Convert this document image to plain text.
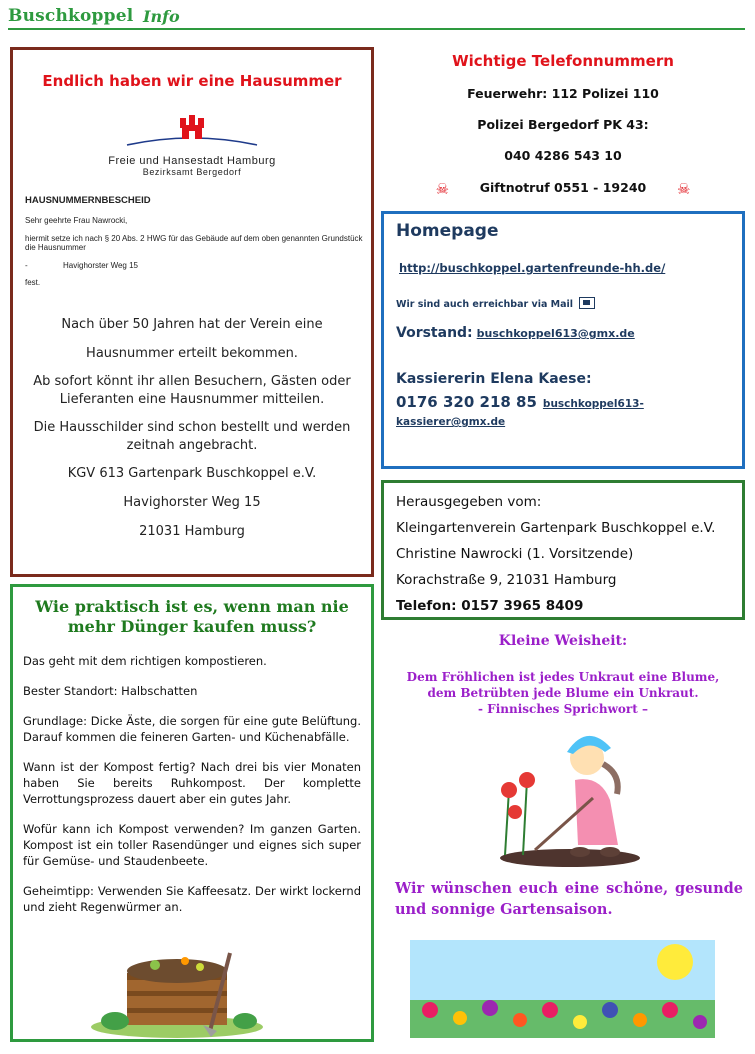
Buschkoppel Info
Endlich haben wir eine Hausummer
Freie und Hansestadt Hamburg
Bezirksamt Bergedorf
HAUSNUMMERNBESCHEID

Sehr geehrte Frau Nawrocki,

hiermit setze ich nach § 20 Abs. 2 HWG für das Gebäude auf dem oben genannten Grundstück die Hausnummer

-	Havighorster Weg 15

fest.

Nach über 50 Jahren hat der Verein eine

Hausnummer erteilt bekommen.

Ab sofort könnt ihr allen Besuchern, Gästen oder Lieferanten eine Hausnummer mitteilen.

Die Hausschilder sind schon bestellt und werden zeitnah angebracht.

KGV 613 Gartenpark Buschkoppel e.V.

Havighorster Weg 15

21031 Hamburg

Wichtige Telefonnummern
Feuerwehr: 112 Polizei 110
Polizei Bergedorf PK 43:
040 4286 543 10
☠ Giftnotruf 0551 - 19240 ☠
Homepage
http://buschkoppel.gartenfreunde-hh.de/
Wir sind auch erreichbar via Mail
Vorstand: buschkoppel613@gmx.de
Kassiererin Elena Kaese:
0176 320 218 85 buschkoppel613-kassierer@gmx.de
Herausgegeben vom:
Kleingartenverein Gartenpark Buschkoppel e.V.
Christine Nawrocki (1. Vorsitzende)
Korachstraße 9, 21031 Hamburg
Telefon: 0157 3965 8409
Wie praktisch ist es, wenn man nie mehr Dünger kaufen muss?

Das geht mit dem richtigen kompostieren.

Bester Standort: Halbschatten

Grundlage: Dicke Äste, die sorgen für eine gute Belüftung. Darauf kommen die feineren Garten- und Küchenabfälle.

Wann ist der Kompost fertig? Nach drei bis vier Monaten haben Sie bereits Ruhkompost. Der komplette Verrottungsprozess dauert aber ein gutes Jahr.

Wofür kann ich Kompost verwenden? Im ganzen Garten. Kompost ist ein toller Rasendünger und eignes sich super für Gemüse- und Staudenbeete.

Geheimtipp: Verwenden Sie Kaffeesatz. Der wirkt lockernd und zieht Regenwürmer an.

Kleine Weisheit:
Dem Fröhlichen ist jedes Unkraut eine Blume,
dem Betrübten jede Blume ein Unkraut.
- Finnisches Sprichwort –
Wir wünschen euch eine schöne, gesunde und sonnige Gartensaison.
